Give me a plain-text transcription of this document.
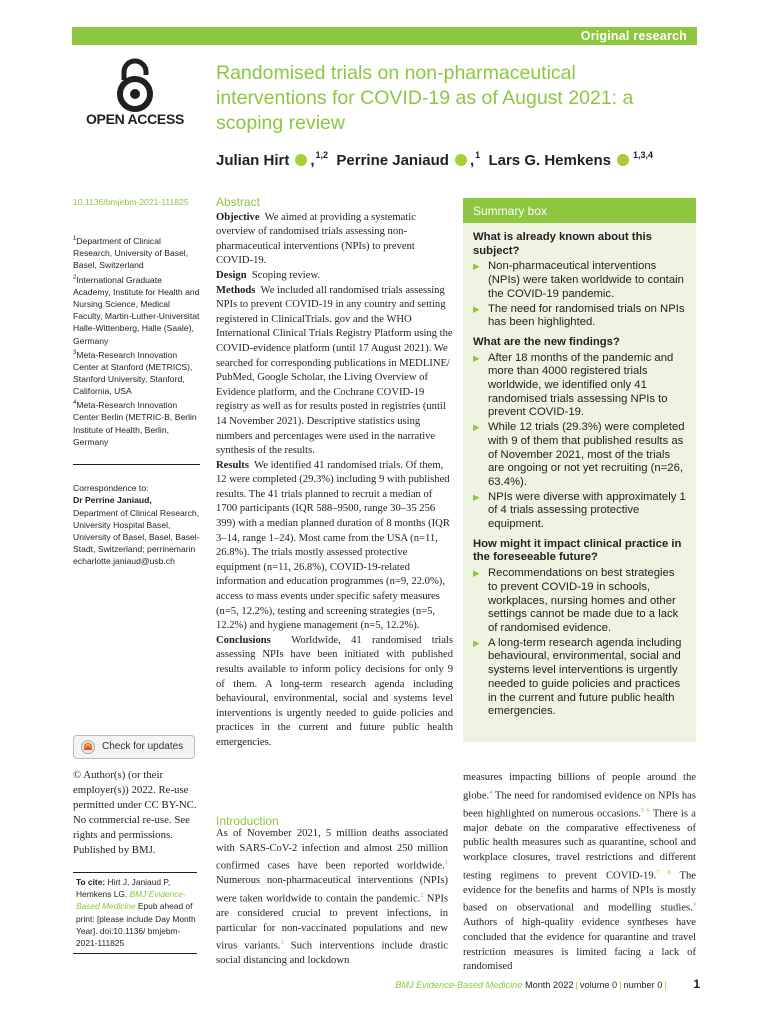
Original research
OPEN ACCESS
Randomised trials on non-pharmaceutical interventions for COVID-19 as of August 2021: a scoping review
Julian Hirt ,$^{1,2}$ Perrine Janiaud ,$^1$ Lars G. Hemkens $^{1,3,4}$
10.1136/bmjebm-2021-111825

$^1$Department of Clinical Research, University of Basel, Basel, Switzerland

$^2$International Graduate Academy, Institute for Health and Nursing Science, Medical Faculty, Martin-Luther-Universitat Halle-Wittenberg, Halle (Saale), Germany

$^3$Meta-Research Innovation Center at Stanford (METRICS), Stanford University, Stanford, California, USA

$^4$Meta-Research Innovation Center Berlin (METRIC-B, Berlin Institute of Health, Berlin, Germany

Correspondence to:
Dr Perrine Janiaud,
Department of Clinical Research, University Hospital Basel, University of Basel, Basel, Basel-Stadt, Switzerland; perrinemarin echarlotte.janiaud@usb.ch
Check for updates
© Author(s) (or their employer(s)) 2022. Re-use permitted under CC BY-NC. No commercial re-use. See rights and permissions. Published by BMJ.
To cite: Hirt J, Janiaud P, Hemkens LG. BMJ Evidence-Based Medicine Epub ahead of print: [please include Day Month Year]. doi:10.1136/ bmjebm-2021-111825
Abstract

Objective We aimed at providing a systematic overview of randomised trials assessing non-pharmaceutical interventions (NPIs) to prevent COVID-19.

Design Scoping review.

Methods We included all randomised trials assessing NPIs to prevent COVID-19 in any country and setting registered in ClinicalTrials. gov and the WHO International Clinical Trials Registry Platform using the COVID-evidence platform (until 17 August 2021). We searched for corresponding publications in MEDLINE/ PubMed, Google Scholar, the Living Overview of Evidence platform, and the Cochrane COVID-19 registry as well as for results posted in registries (until 14 November 2021). Descriptive statistics using numbers and percentages were used in the narrative synthesis of the results.

Results We identified 41 randomised trials. Of them, 12 were completed (29.3%) including 9 with published results. The 41 trials planned to recruit a median of 1700 participants (IQR 588–9500, range 30–35 256 399) with a median planned duration of 8 months (IQR 3–14, range 1–24). Most came from the USA (n=11, 26.8%). The trials mostly assessed protective equipment (n=11, 26.8%), COVID-19-related information and education programmes (n=9, 22.0%), access to mass events under specific safety measures (n=5, 12.2%), testing and screening strategies (n=5, 12.2%) and hygiene management (n=5, 12.2%).

Conclusions Worldwide, 41 randomised trials assessing NPIs have been initiated with published results available to inform policy decisions for only 9 of them. A long-term research agenda including behavioural, environmental, social and systems level interventions is urgently needed to guide policies and practices in the current and future public health emergencies.

Summary box
What is already known about this subject?
▶ Non-pharmaceutical interventions (NPIs) were taken worldwide to contain the COVID-19 pandemic.
▶ The need for randomised trials on NPIs has been highlighted.
What are the new findings?
▶ After 18 months of the pandemic and more than 4000 registered trials worldwide, we identified only 41 randomised trials assessing NPIs to prevent COVID-19.
▶ While 12 trials (29.3%) were completed with 9 of them that published results as of November 2021, most of the trials are ongoing or not yet recruiting (n=26, 63.4%).
▶ NPIs were diverse with approximately 1 of 4 trials assessing protective equipment.
How might it impact clinical practice in the foreseeable future?
▶ Recommendations on best strategies to prevent COVID-19 in schools, workplaces, nursing homes and other settings cannot be made due to a lack of randomised evidence.
▶ A long-term research agenda including behavioural, environmental, social and systems level interventions is urgently needed to guide policies and practices in the current and future public health emergencies.
Introduction

As of November 2021, 5 million deaths associated with SARS-CoV-2 infection and almost 250 million confirmed cases have been reported worldwide.$^1$ Numerous non-pharmaceutical interventions (NPIs) were taken worldwide to contain the pandemic.$^2$ NPIs are considered crucial to prevent infections, in particular for non-vaccinated populations and new virus variants.$^3$ Such interventions include drastic social distancing and lockdown

measures impacting billions of people around the globe.$^4$ The need for randomised evidence on NPIs has been highlighted on numerous occasions.$^{5 6}$ There is a major debate on the comparative effectiveness of public health measures such as quarantine, school and workplace closures, travel restrictions and different testing regimens to prevent COVID-19.$^{7 8}$ The evidence for the benefits and harms of NPIs is mostly based on observational and modelling studies.$^9$ Authors of high-quality evidence syntheses have concluded that the evidence for quarantine and travel restriction measures is limited facing a lack of randomised

BMJ Evidence-Based Medicine Month 2022 | volume 0 | number 0 | 1
